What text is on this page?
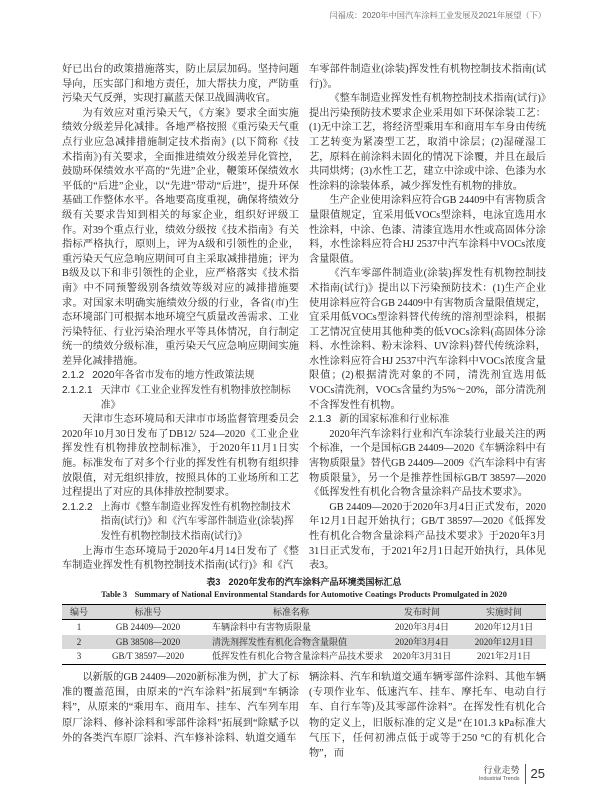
闫福成：2020年中国汽车涂料工业发展及2021年展望（下）

好已出台的政策措施落实，防止层层加码。坚持问题导向，压实部门和地方责任，加大帮扶力度，严防重污染天气反弹，实现打赢蓝天保卫战圆满收官。

为有效应对重污染天气，《方案》要求全面实施绩效分级差异化减排。各地严格按照《重污染天气重点行业应急减排措施制定技术指南》(以下简称《技术指南》)有关要求，全面推进绩效分级差异化管控，鼓励环保绩效水平高的“先进”企业，鞭策环保绩效水平低的“后进”企业，以“先进”带动“后进”，提升环保基础工作整体水平。各地要高度重视，确保将绩效分级有关要求告知到相关的每家企业，组织好评级工作。对39个重点行业，绩效分级按《技术指南》有关指标严格执行，原则上，评为A级和引领性的企业，重污染天气应急响应期间可自主采取减排措施；评为B级及以下和非引领性的企业，应严格落实《技术指南》中不同预警级别各绩效等级对应的减排措施要求。对国家未明确实施绩效分级的行业，各省(市)生态环境部门可根据本地环境空气质量改善需求、工业污染特征、行业污染治理水平等具体情况，自行制定统一的绩效分级标准，重污染天气应急响应期间实施差异化减排措施。

2.1.2 2020年各省市发布的地方性政策法规
2.1.2.1 天津市《工业企业挥发性有机物排放控制标准》

天津市生态环境局和天津市市场监督管理委员会2020年10月30日发布了DB12/ 524—2020《工业企业挥发性有机物排放控制标准》，于2020年11月1日实施。标准发布了对多个行业的挥发性有机物有组织排放限值，对无组织排放，按照具体的工业场所和工艺过程提出了对应的具体排放控制要求。

2.1.2.2 上海市《整车制造业挥发性有机物控制技术指南(试行)》和《汽车零部件制造业(涂装)挥发性有机物控制技术指南(试行)》

上海市生态环境局于2020年4月14日发布了《整车制造业挥发性有机物控制技术指南(试行)》和《汽

车零部件制造业(涂装)挥发性有机物控制技术指南(试行)》。

《整车制造业挥发性有机物控制技术指南(试行)》提出污染预防技术要求企业采用如下环保涂装工艺：(1)无中涂工艺，将经济型乘用车和商用车车身由传统工艺转变为紧凑型工艺，取消中涂层；(2)湿碰湿工艺，原料在前涂料未固化的情况下涂覆，并且在最后共同烘烤；(3)水性工艺，建立中涂或中涂、色漆为水性涂料的涂装体系，减少挥发性有机物的排放。

生产企业使用涂料应符合GB 24409中有害物质含量限值规定，宜采用低VOCs型涂料，电泳宜选用水性涂料，中涂、色漆、清漆宜选用水性或高固体分涂料，水性涂料应符合HJ 2537中汽车涂料中VOCs浓度含量限值。

《汽车零部件制造业(涂装)挥发性有机物控制技术指南(试行)》提出以下污染预防技术：(1)生产企业使用涂料应符合GB 24409中有害物质含量限值规定，宜采用低VOCs型涂料替代传统的溶剂型涂料，根据工艺情况宜使用其他种类的低VOCs涂料(高固体分涂料、水性涂料、粉末涂料、UV涂料)替代传统涂料，水性涂料应符合HJ 2537中汽车涂料中VOCs浓度含量限值；(2)根据清洗对象的不同，清洗剂宜选用低VOCs清洗剂，VOCs含量约为5%～20%，部分清洗剂不含挥发性有机物。

2.1.3 新的国家标准和行业标准

2020年汽车涂料行业和汽车涂装行业最关注的两个标准，一个是国标GB 24409—2020《车辆涂料中有害物质限量》替代GB 24409—2009《汽车涂料中有害物质限量》，另一个是推荐性国标GB/T 38597—2020《低挥发性有机化合物含量涂料产品技术要求》。

GB 24409—2020于2020年3月4日正式发布，2020年12月1日起开始执行；GB/T 38597—2020《低挥发性有机化合物含量涂料产品技术要求》于2020年3月31日正式发布，于2021年2月1日起开始执行，具体见表3。

表3 2020年发布的汽车涂料产品环境类国标汇总
Table 3 Summary of National Environmental Standards for Automotive Coatings Products Promulgated in 2020
编号	标准号	标准名称	发布时间	实施时间
1	GB 24409—2020	车辆涂料中有害物质限量	2020年3月4日	2020年12月1日
2	GB 38508—2020	清洗剂挥发性有机化合物含量限值	2020年3月4日	2020年12月1日
3	GB/T 38597—2020	低挥发性有机化合物含量涂料产品技术要求	2020年3月31日	2021年2月1日

以新版的GB 24409—2020新标准为例，扩大了标准的覆盖范围，由原来的“汽车涂料”拓展到“车辆涂料”，从原来的“乘用车、商用车、挂车、汽车列车用原厂涂料、修补涂料和零部件涂料”拓展到“除赋予以外的各类汽车原厂涂料、汽车修补涂料、轨道交通车

辆涂料、汽车和轨道交通车辆零部件涂料、其他车辆(专项作业车、低速汽车、挂车、摩托车、电动自行车、自行车等)及其零部件涂料”。在挥发性有机化合物的定义上，旧版标准的定义是“在101.3 kPa标准大气压下，任何初沸点低于或等于250 °C的有机化合物”，而

行业走势
Industrial Trends 25
